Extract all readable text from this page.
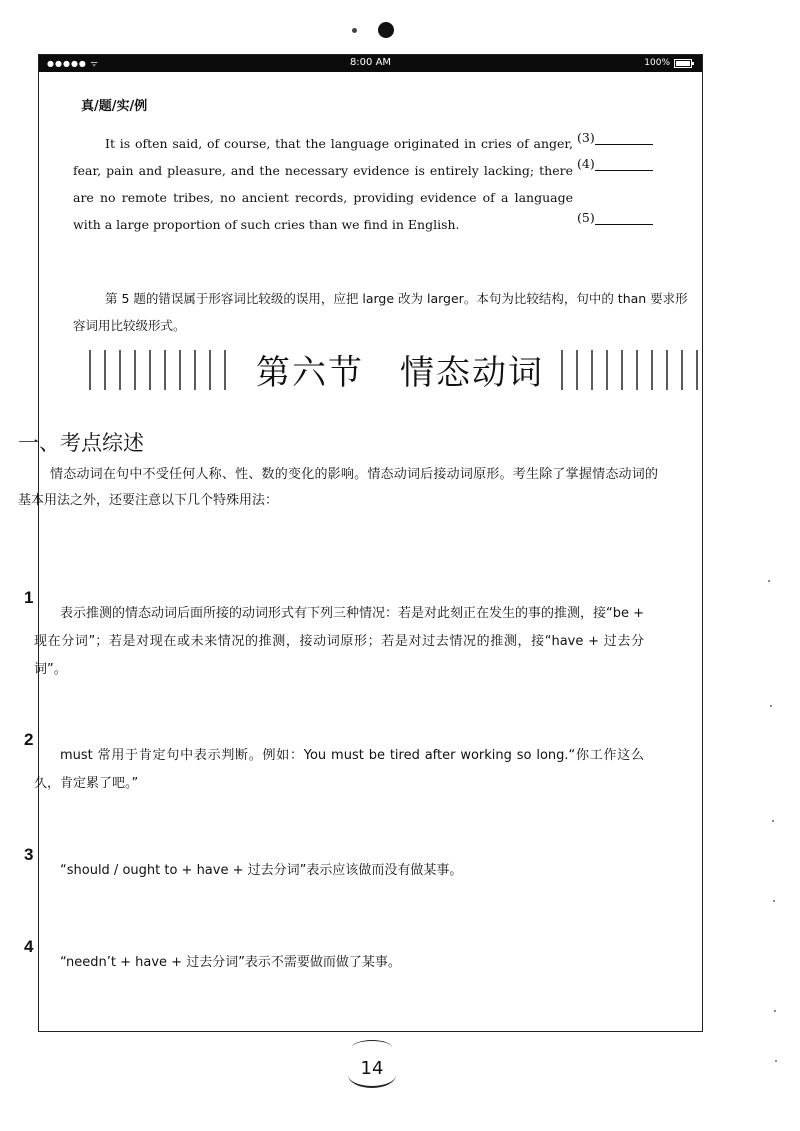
●●●●● ᯤ	8:00 AM	100%
真/题/实/例

It is often said, of course, that the language originated in cries of anger, fear, pain and pleasure, and the necessary evidence is entirely lacking; there are no remote tribes, no ancient records, providing evidence of a language with a large proportion of such cries than we find in English.

(3)
(4)
(5)

第 5 题的错误属于形容词比较级的误用，应把 large 改为 larger。本句为比较结构，句中的 than 要求形容词用比较级形式。

第六节　情态动词
一、考点综述

情态动词在句中不受任何人称、性、数的变化的影响。情态动词后接动词原形。考生除了掌握情态动词的基本用法之外，还要注意以下几个特殊用法：

1

表示推测的情态动词后面所接的动词形式有下列三种情况：若是对此刻正在发生的事的推测，接“be + 现在分词”；若是对现在或未来情况的推测，接动词原形；若是对过去情况的推测，接“have + 过去分词”。

2

must 常用于肯定句中表示判断。例如：You must be tired after working so long.“你工作这么久，肯定累了吧。”

3

“should / ought to + have + 过去分词”表示应该做而没有做某事。

4

“needn’t + have + 过去分词”表示不需要做而做了某事。

14
